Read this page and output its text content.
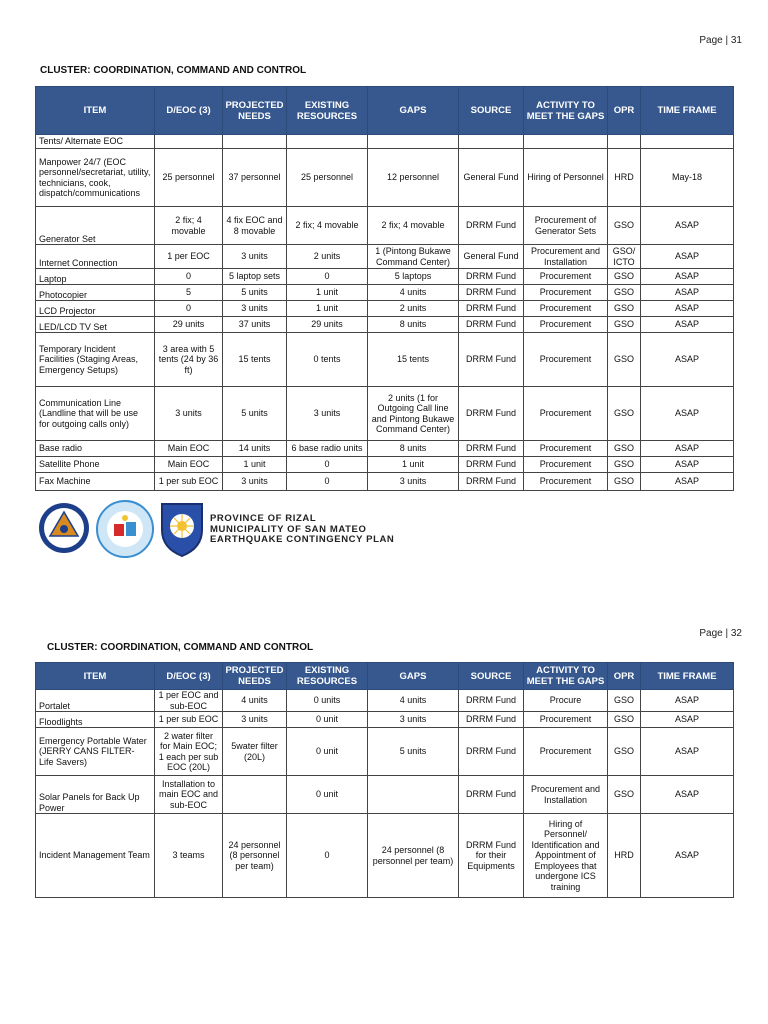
Page | 31
CLUSTER: COORDINATION, COMMAND AND CONTROL
ITEM	D/EOC (3)	PROJECTED NEEDS	EXISTING RESOURCES	GAPS	SOURCE	ACTIVITY TO MEET THE GAPS	OPR	TIME FRAME
Tents/ Alternate EOC								
Manpower 24/7 (EOC personnel/secretariat, utility, technicians, cook, dispatch/communications	25 personnel	37 personnel	25 personnel	12 personnel	General Fund	Hiring of Personnel	HRD	May-18
Generator Set	2 fix; 4 movable	4 fix EOC and 8 movable	2 fix; 4 movable	2 fix; 4 movable	DRRM Fund	Procurement of Generator Sets	GSO	ASAP
Internet Connection	1 per EOC	3 units	2 units	1 (Pintong Bukawe Command Center)	General Fund	Procurement and Installation	GSO/ ICTO	ASAP
Laptop	0	5 laptop sets	0	5 laptops	DRRM Fund	Procurement	GSO	ASAP
Photocopier	5	5 units	1 unit	4 units	DRRM Fund	Procurement	GSO	ASAP
LCD Projector	0	3 units	1 unit	2 units	DRRM Fund	Procurement	GSO	ASAP
LED/LCD TV Set	29 units	37 units	29 units	8 units	DRRM Fund	Procurement	GSO	ASAP
Temporary Incident Facilities (Staging Areas, Emergency Setups)	3 area with 5 tents (24 by 36 ft)	15 tents	0 tents	15 tents	DRRM Fund	Procurement	GSO	ASAP
Communication Line (Landline that will be use for outgoing calls only)	3 units	5 units	3 units	2 units (1 for Outgoing Call line and Pintong Bukawe Command Center)	DRRM Fund	Procurement	GSO	ASAP
Base radio	Main EOC	14 units	6 base radio units	8 units	DRRM Fund	Procurement	GSO	ASAP
Satellite Phone	Main EOC	1 unit	0	1 unit	DRRM Fund	Procurement	GSO	ASAP
Fax Machine	1 per sub EOC	3 units	0	3 units	DRRM Fund	Procurement	GSO	ASAP
PROVINCE OF RIZAL
MUNICIPALITY OF SAN MATEO
EARTHQUAKE CONTINGENCY PLAN
Page | 32
CLUSTER: COORDINATION, COMMAND AND CONTROL
ITEM	D/EOC (3)	PROJECTED NEEDS	EXISTING RESOURCES	GAPS	SOURCE	ACTIVITY TO MEET THE GAPS	OPR	TIME FRAME
Portalet	1 per EOC and sub-EOC	4 units	0 units	4 units	DRRM Fund	Procure	GSO	ASAP
Floodlights	1 per sub EOC	3 units	0 unit	3 units	DRRM Fund	Procurement	GSO	ASAP
Emergency Portable Water (JERRY CANS FILTER- Life Savers)	2 water filter for Main EOC; 1 each per sub EOC (20L)	5water filter (20L)	0 unit	5 units	DRRM Fund	Procurement	GSO	ASAP
Solar Panels for Back Up Power	Installation to main EOC and sub-EOC		0 unit		DRRM Fund	Procurement and Installation	GSO	ASAP
Incident Management Team	3 teams	24 personnel (8 personnel per team)	0	24 personnel (8 personnel per team)	DRRM Fund for their Equipments	Hiring of Personnel/ Identification and Appointment of Employees that undergone ICS training	HRD	ASAP
